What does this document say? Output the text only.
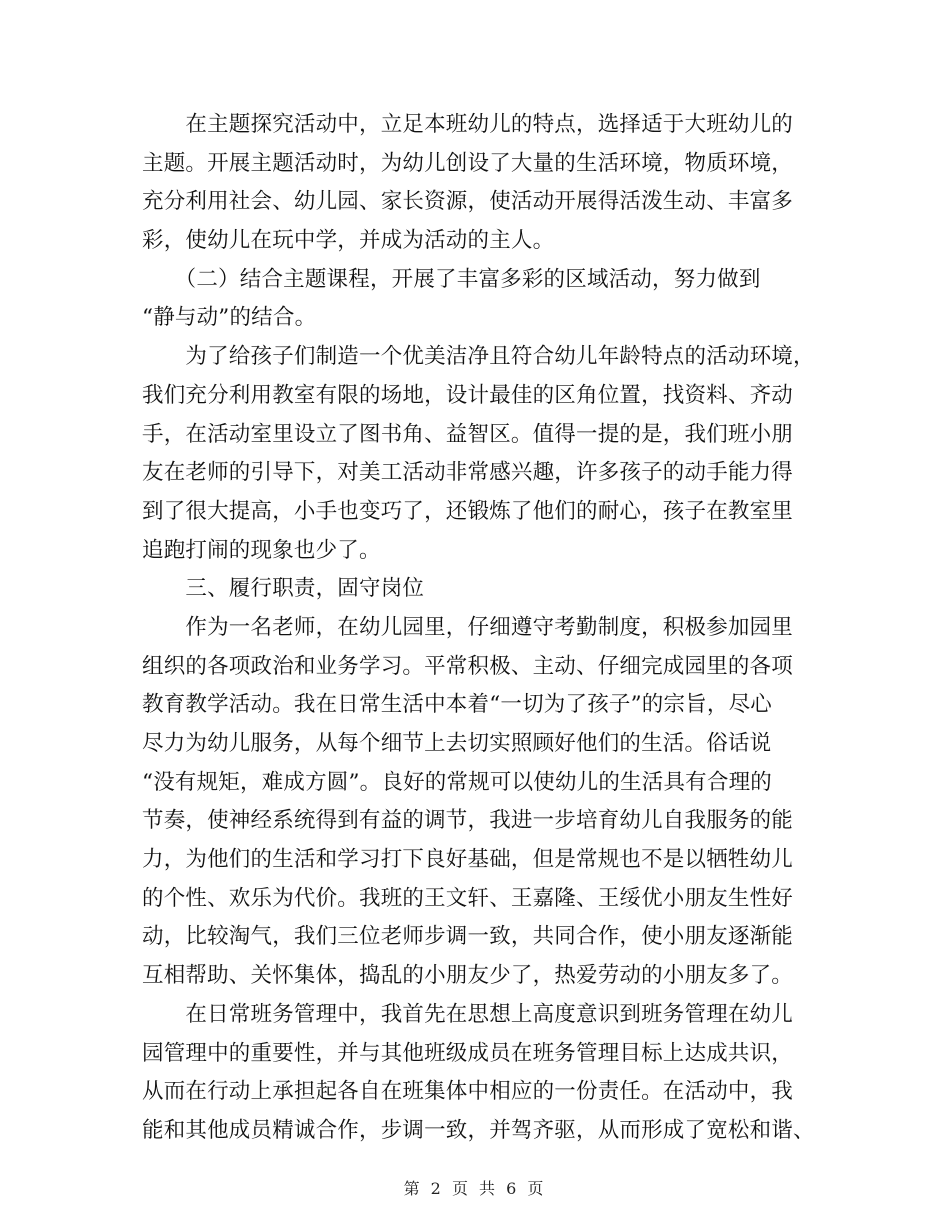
　　在主题探究活动中，立足本班幼儿的特点，选择适于大班幼儿的
主题。开展主题活动时，为幼儿创设了大量的生活环境，物质环境，
充分利用社会、幼儿园、家长资源，使活动开展得活泼生动、丰富多
彩，使幼儿在玩中学，并成为活动的主人。
　　（二）结合主题课程，开展了丰富多彩的区域活动，努力做到
“静与动”的结合。
　　为了给孩子们制造一个优美洁净且符合幼儿年龄特点的活动环境，
我们充分利用教室有限的场地，设计最佳的区角位置，找资料、齐动
手，在活动室里设立了图书角、益智区。值得一提的是，我们班小朋
友在老师的引导下，对美工活动非常感兴趣，许多孩子的动手能力得
到了很大提高，小手也变巧了，还锻炼了他们的耐心，孩子在教室里
追跑打闹的现象也少了。
　　三、履行职责，固守岗位
　　作为一名老师，在幼儿园里，仔细遵守考勤制度，积极参加园里
组织的各项政治和业务学习。平常积极、主动、仔细完成园里的各项
教育教学活动。我在日常生活中本着“一切为了孩子”的宗旨，尽心
尽力为幼儿服务，从每个细节上去切实照顾好他们的生活。俗话说
“没有规矩，难成方圆”。良好的常规可以使幼儿的生活具有合理的
节奏，使神经系统得到有益的调节，我进一步培育幼儿自我服务的能
力，为他们的生活和学习打下良好基础，但是常规也不是以牺牲幼儿
的个性、欢乐为代价。我班的王文轩、王嘉隆、王绥优小朋友生性好
动，比较淘气，我们三位老师步调一致，共同合作，使小朋友逐渐能
互相帮助、关怀集体，捣乱的小朋友少了，热爱劳动的小朋友多了。
　　在日常班务管理中，我首先在思想上高度意识到班务管理在幼儿
园管理中的重要性，并与其他班级成员在班务管理目标上达成共识，
从而在行动上承担起各自在班集体中相应的一份责任。在活动中，我
能和其他成员精诚合作，步调一致，并驾齐驱，从而形成了宽松和谐、
第 2 页 共 6 页
